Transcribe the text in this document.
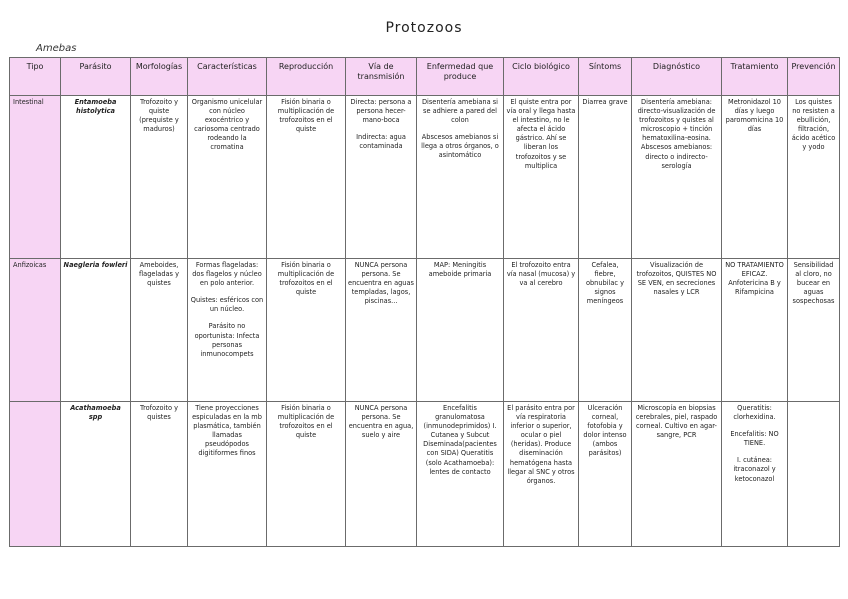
Protozoos
Amebas
Tipo	Parásito	Morfologías	Características	Reproducción	Vía de transmisión	Enfermedad que produce	Ciclo biológico	Síntoms	Diagnóstico	Tratamiento	Prevención
Intestinal	Entamoeba histolytica	Trofozoito y quiste (prequiste y maduros)	Organismo unicelular con núcleo exocéntrico y cariosoma centrado rodeando la cromatina	Fisión binaria o multiplicación de trofozoitos en el quiste	Directa: persona a persona hecer-mano-boca
Indirecta: agua contaminada	Disentería amebiana si se adhiere a pared del colon
Abscesos amebianos si llega a otros órganos, o asintomático	El quiste entra por vía oral y llega hasta el intestino, no le afecta el ácido gástrico. Ahí se liberan los trofozoitos y se multiplica	Diarrea grave	Disentería amebiana: directo-visualización de trofozoitos y quistes al microscopio + tinción hematoxilina-eosina. Abscesos amebianos: directo o indirecto-serología	Metronidazol 10 días y luego paromomicina 10 días	Los quistes no resisten a ebullición, filtración, ácido acético y yodo
Anfizoicas	Naegleria fowleri	Ameboides, flageladas y quistes	Formas flageladas: dos flagelos y núcleo en polo anterior.
Quistes: esféricos con un núcleo.
Parásito no oportunista: Infecta personas inmunocompets	Fisión binaria o multiplicación de trofozoitos en el quiste	NUNCA persona persona. Se encuentra en aguas templadas, lagos, piscinas...	MAP: Meningitis ameboide primaria	El trofozoito entra vía nasal (mucosa) y va al cerebro	Cefalea, fiebre, obnubilac y signos meníngeos	Visualización de trofozoitos, QUISTES NO SE VEN, en secreciones nasales y LCR	NO TRATAMIENTO EFICAZ. Anfotericina B y Rifampicina	Sensibilidad al cloro, no bucear en aguas sospechosas
	Acathamoeba spp	Trofozoito y quistes	Tiene proyecciones espiculadas en la mb plasmática, también llamadas pseudópodos digitiformes finos	Fisión binaria o multiplicación de trofozoitos en el quiste	NUNCA persona persona. Se encuentra en agua, suelo y aire	Encefalitis granulomatosa (inmunodeprimidos) I. Cutanea y Subcut Diseminada(pacientes con SIDA) Queratitis (solo Acathamoeba): lentes de contacto	El parásito entra por vía respiratoria inferior o superior, ocular o piel (heridas). Produce diseminación hematógena hasta llegar al SNC y otros órganos.	Ulceración corneal, fotofobia y dolor intenso (ambos parásitos)	Microscopía en biopsias cerebrales, piel, raspado corneal. Cultivo en agar-sangre, PCR	Queratitis: clorhexidina.
Encefalitis: NO TIENE.
I. cutánea: itraconazol y ketoconazol	
